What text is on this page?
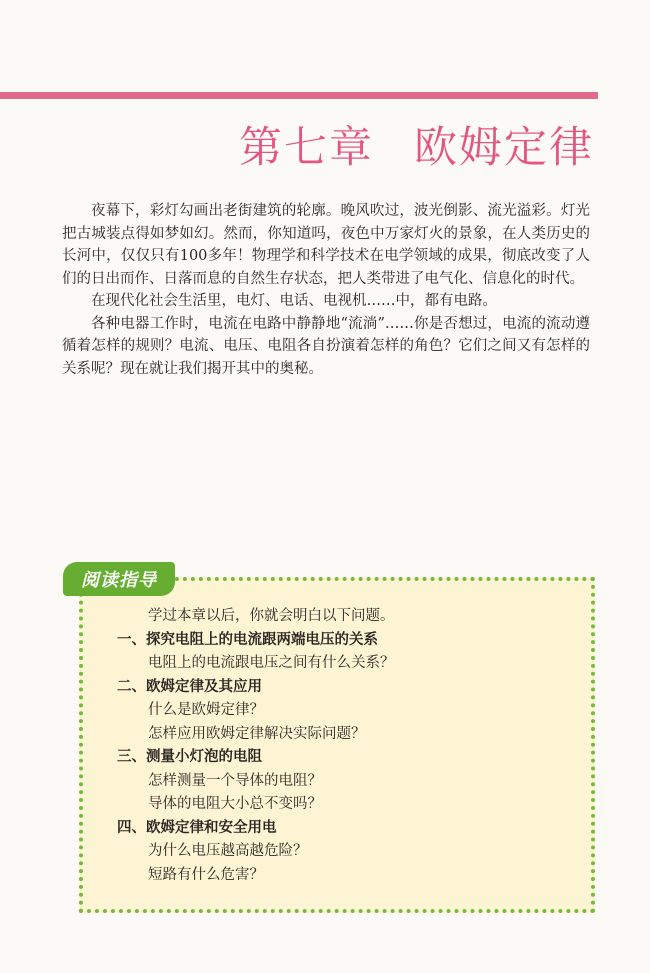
第七章 欧姆定律

夜幕下，彩灯勾画出老街建筑的轮廓。晚风吹过，波光倒影、流光溢彩。灯光把古城装点得如梦如幻。然而，你知道吗，夜色中万家灯火的景象，在人类历史的长河中，仅仅只有100多年！物理学和科学技术在电学领域的成果，彻底改变了人们的日出而作、日落而息的自然生存状态，把人类带进了电气化、信息化的时代。

在现代化社会生活里，电灯、电话、电视机……中，都有电路。

各种电器工作时，电流在电路中静静地“流淌”……你是否想过，电流的流动遵循着怎样的规则？电流、电压、电阻各自扮演着怎样的角色？它们之间又有怎样的关系呢？现在就让我们揭开其中的奥秘。

阅读指导

学过本章以后，你就会明白以下问题。

一、 探究电阻上的电流跟两端电压的关系

电阻上的电流跟电压之间有什么关系？

二、 欧姆定律及其应用

什么是欧姆定律？

怎样应用欧姆定律解决实际问题？

三、 测量小灯泡的电阻

怎样测量一个导体的电阻？

导体的电阻大小总不变吗？

四、 欧姆定律和安全用电

为什么电压越高越危险？

短路有什么危害？
